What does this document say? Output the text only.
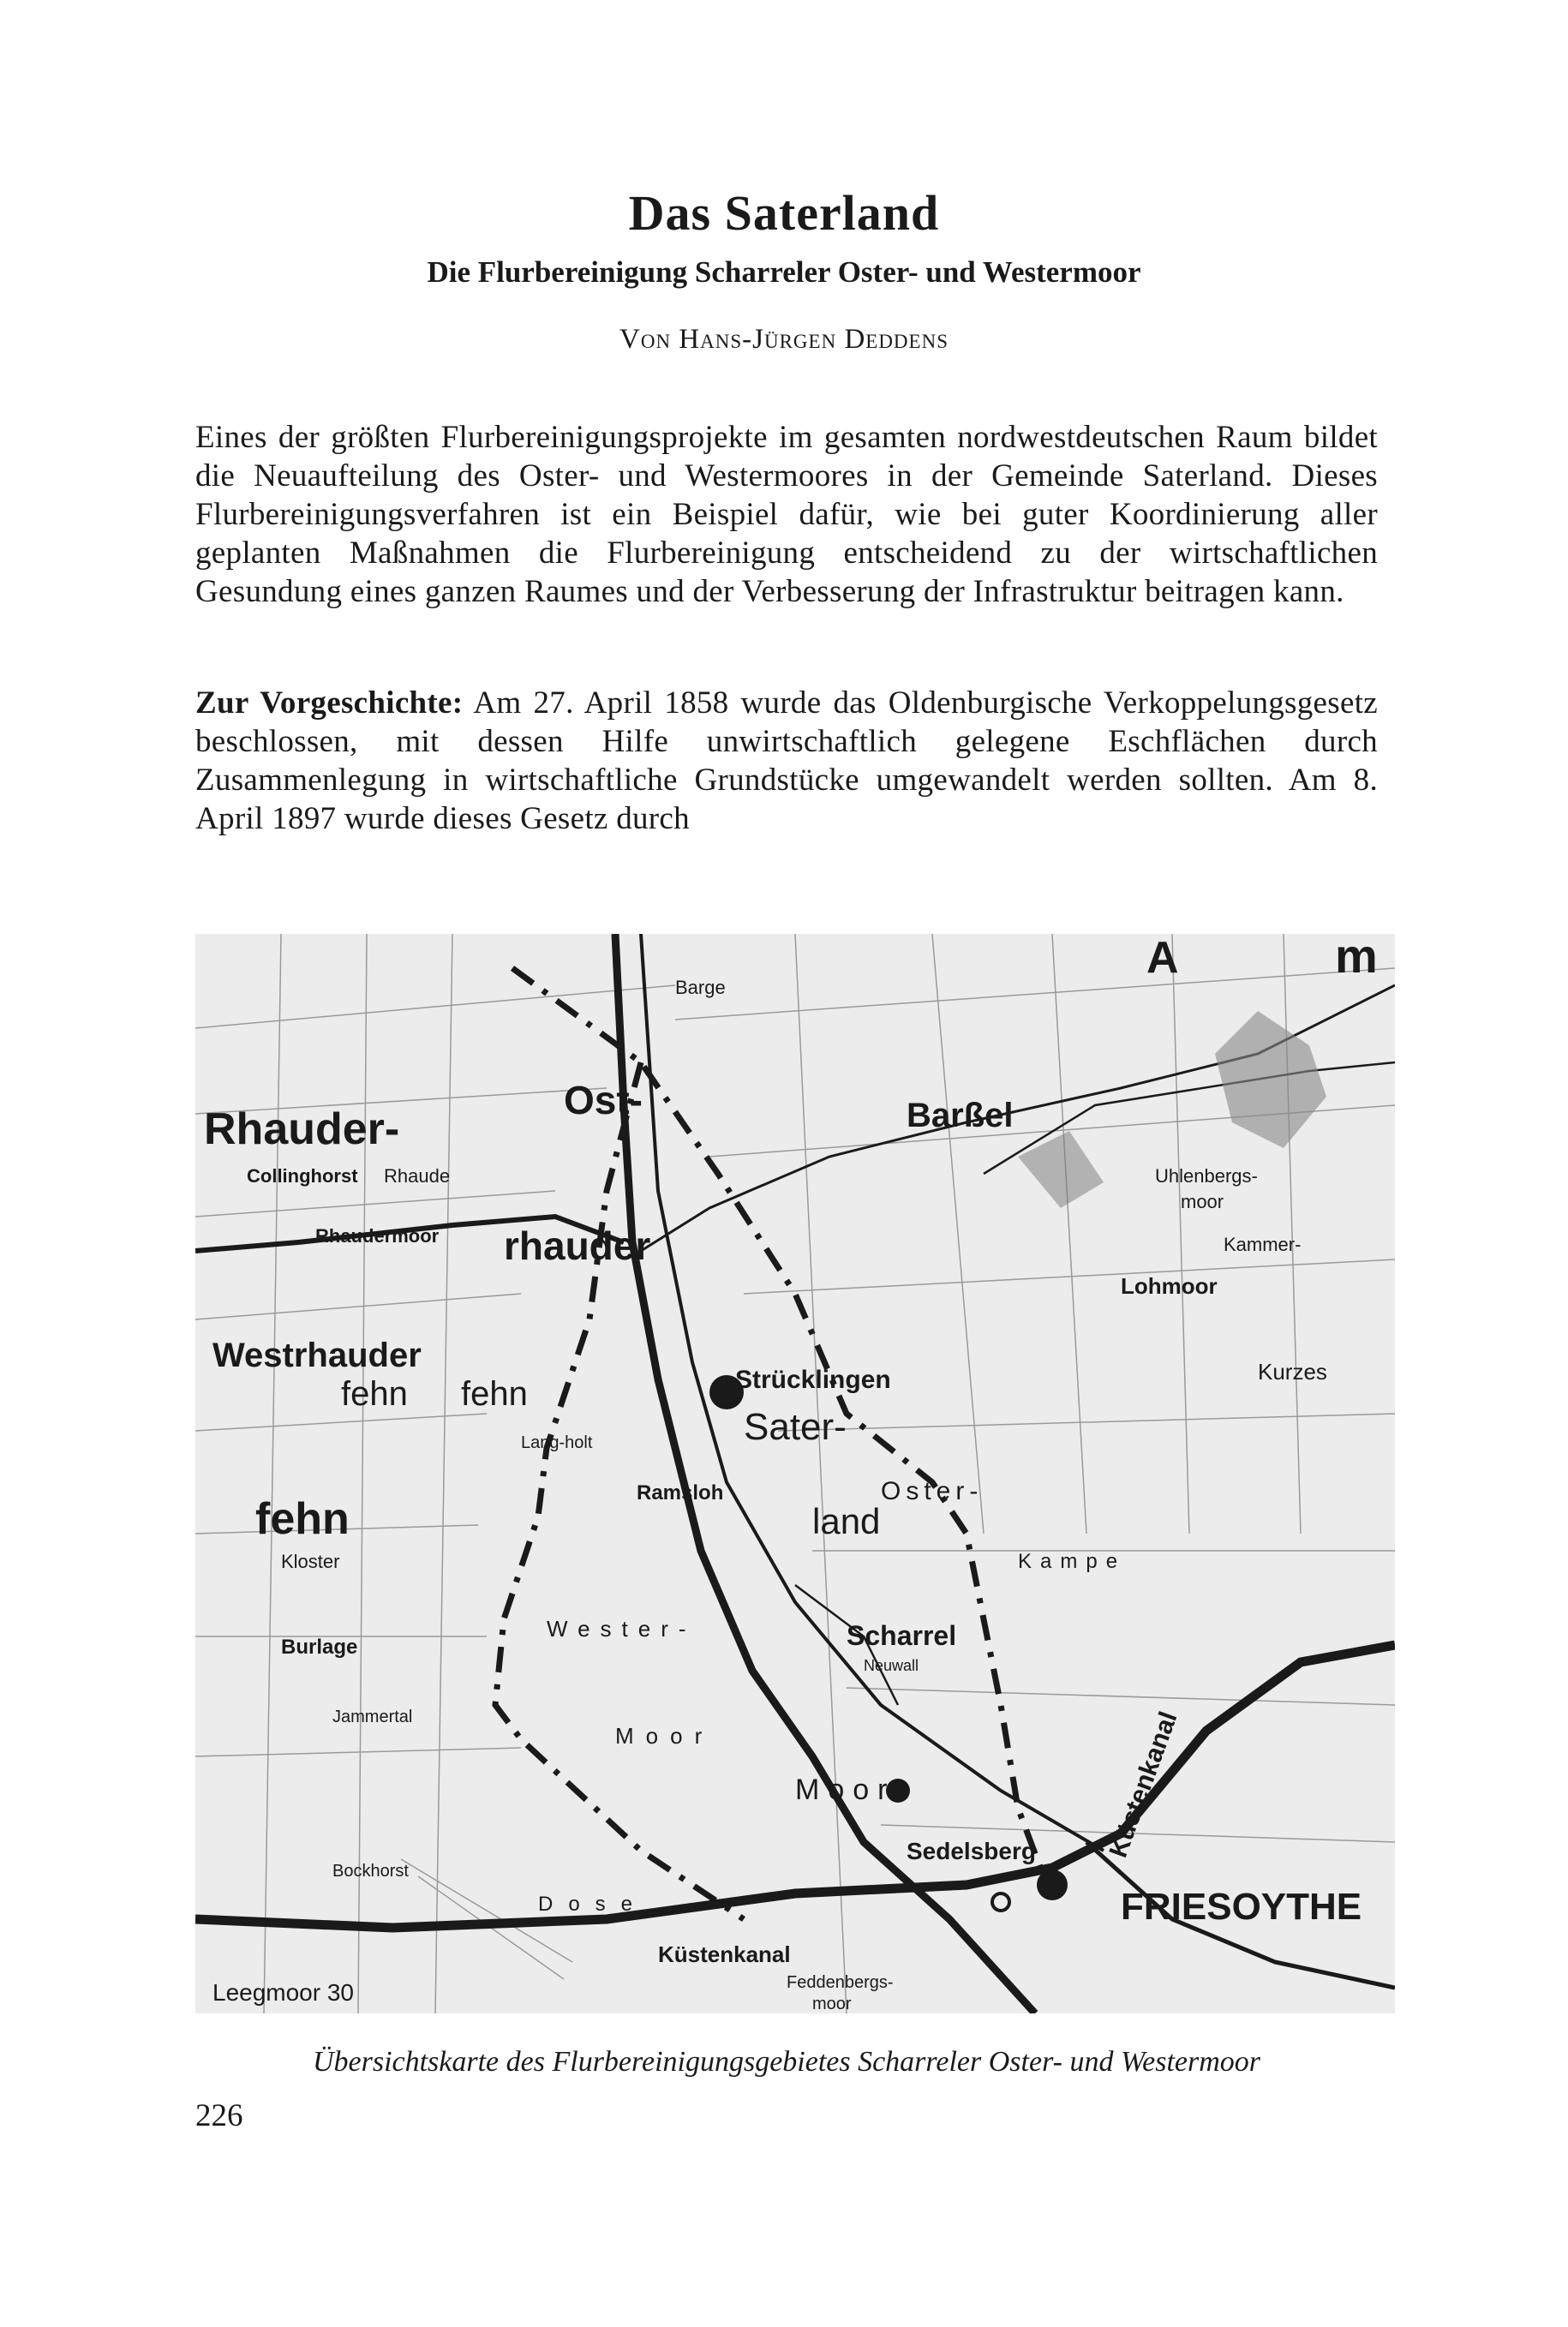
Das Saterland
Die Flurbereinigung Scharreler Oster- und Westermoor
Von Hans-Jürgen Deddens
Eines der größten Flurbereinigungsprojekte im gesamten nordwestdeutschen Raum bildet die Neuaufteilung des Oster- und Westermoores in der Gemeinde Saterland. Dieses Flurbereinigungsverfahren ist ein Beispiel dafür, wie bei guter Koordinierung aller geplanten Maßnahmen die Flurbereinigung entscheidend zu der wirtschaftlichen Gesundung eines ganzen Raumes und der Verbesserung der Infrastruktur beitragen kann.
Zur Vorgeschichte: Am 27. April 1858 wurde das Oldenburgische Verkoppelungsgesetz beschlossen, mit dessen Hilfe unwirtschaftlich gelegene Eschflächen durch Zusammenlegung in wirtschaftliche Grundstücke umgewandelt werden sollten. Am 8. April 1897 wurde dieses Gesetz durch
Rhauder-
Ost-
rhauder
Westrhauder
fehn fehn
fehn
Collinghorst Rhaude
Rhaudermoor
Barßel
Strücklingen
Sater-
Moor
land
Oster-
Ramsloh
Scharrel
Wester-
Moor
Dose
Küstenkanal
Sedelsberg
FRIESOYTHE
Kammer-
Lohmoor
Uhlenbergs-
moor
Kampe
Burlage
Lang-holt
Kloster
Jammertal
Bockhorst
Feddenbergs-
moor
Leegmoor 30
Kurzes
Barge
Neuwall
A	m
Küstenkanal
Übersichtskarte des Flurbereinigungsgebietes Scharreler Oster- und Westermoor
226
